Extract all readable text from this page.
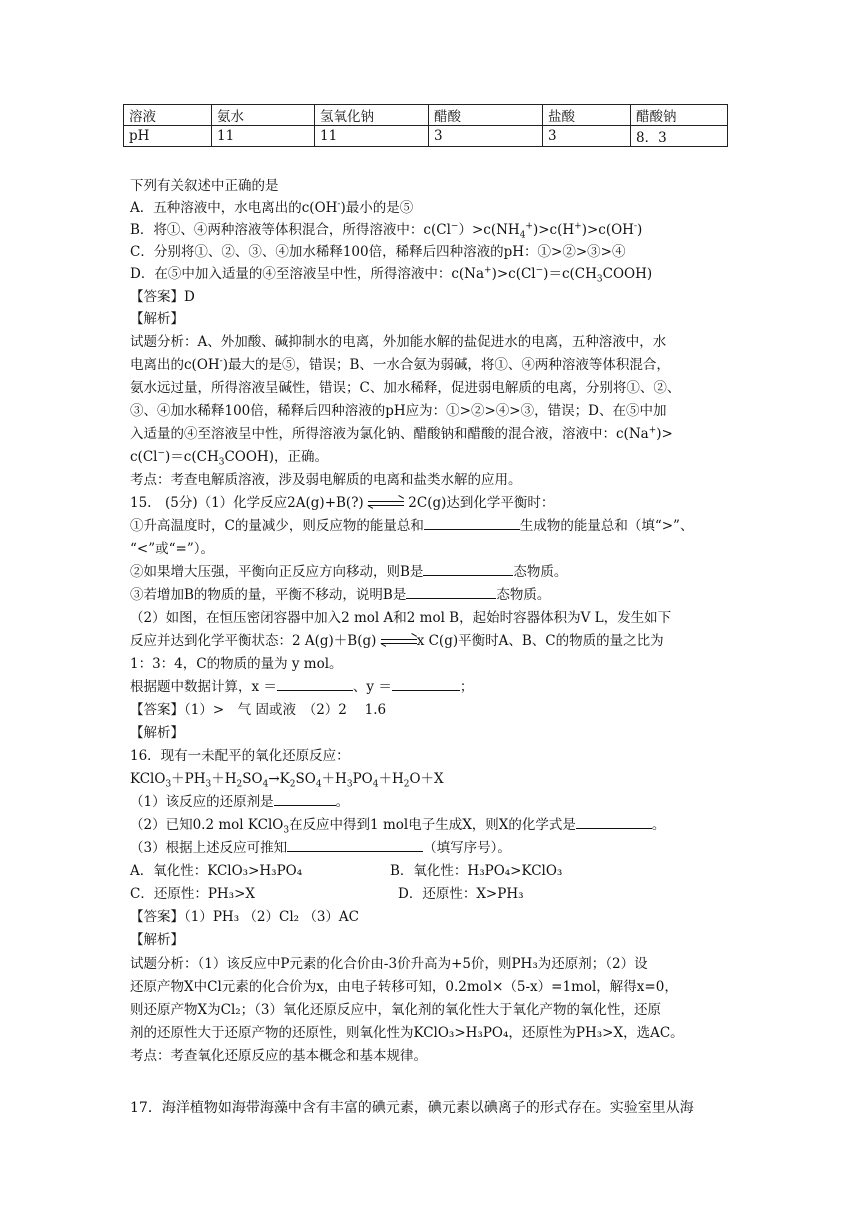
溶液	氨水	氢氧化钠	醋酸	盐酸	醋酸钠
pH	11	11	3	3	8．3
下列有关叙述中正确的是
A．五种溶液中，水电离出的c(OH-)最小的是⑤
B．将①、④两种溶液等体积混合，所得溶液中：$c(Cl^-)>c(NH_4^+)>c(H^+)>c(OH^-)$
C．分别将①、②、③、④加水稀释100倍，稀释后四种溶液的pH：①>②>③>④
D．在⑤中加入适量的④至溶液呈中性，所得溶液中：$c(Na^+)>c(Cl^-)=c(CH_3COOH)$
【答案】D
【解析】
试题分析：A、外加酸、碱抑制水的电离，外加能水解的盐促进水的电离，五种溶液中，水
电离出的c(OH-)最大的是⑤，错误；B、一水合氨为弱碱，将①、④两种溶液等体积混合，
氨水远过量，所得溶液呈碱性，错误；C、加水稀释，促进弱电解质的电离，分别将①、②、
③、④加水稀释100倍，稀释后四种溶液的pH应为：①>②>④>③，错误；D、在⑤中加
入适量的④至溶液呈中性，所得溶液为氯化钠、醋酸钠和醋酸的混合液，溶液中：c(Na+)>
$c(Cl^-)=c(CH_3COOH)$，正确。
考点：考查电解质溶液，涉及弱电解质的电离和盐类水解的应用。
15.　(5分)（1）化学反应2A(g)+B(?)	2C(g)达到化学平衡时：
①升高温度时，C的量减少，则反应物的能量总和	生成物的能量总和（填“>”、
“<”或“=”）。
②如果增大压强，平衡向正反应方向移动，则B是	态物质。
③若增加B的物质的量，平衡不移动，说明B是	态物质。
（2）如图，在恒压密闭容器中加入2 mol A和2 mol B，起始时容器体积为V L，发生如下
反应并达到化学平衡状态：2 A(g)＋B(g)	x C(g)平衡时A、B、C的物质的量之比为
1：3：4，C的物质的量为 y mol。
根据题中数据计算，x ＝	、y ＝	；
【答案】（1）>　气 固或液　（2）2　 1.6
【解析】
16．现有一未配平的氧化还原反应：
$KClO_3+PH_3+H_2SO_4\to K_2SO_4+H_3PO_4+H_2O+X$
（1）该反应的还原剂是	。
（2）已知0.2 mol KClO$_3$在反应中得到1 mol电子生成X，则X的化学式是	。
（3）根据上述反应可推知	（填写序号）。
A．氧化性：KClO₃>H₃PO₄	B．氧化性：H₃PO₄>KClO₃
C．还原性：PH₃>X	D．还原性：X>PH₃
【答案】（1）PH₃ （2）Cl₂ （3）AC
【解析】
试题分析：（1）该反应中P元素的化合价由-3价升高为+5价，则PH₃为还原剂；（2）设
还原产物X中Cl元素的化合价为x，由电子转移可知，0.2mol×（5-x）=1mol，解得x=0，
则还原产物X为Cl₂；（3）氧化还原反应中，氧化剂的氧化性大于氧化产物的氧化性，还原
剂的还原性大于还原产物的还原性，则氧化性为KClO₃>H₃PO₄，还原性为PH₃>X，选AC。
考点：考查氧化还原反应的基本概念和基本规律。
17．海洋植物如海带海藻中含有丰富的碘元素，碘元素以碘离子的形式存在。实验室里从海
